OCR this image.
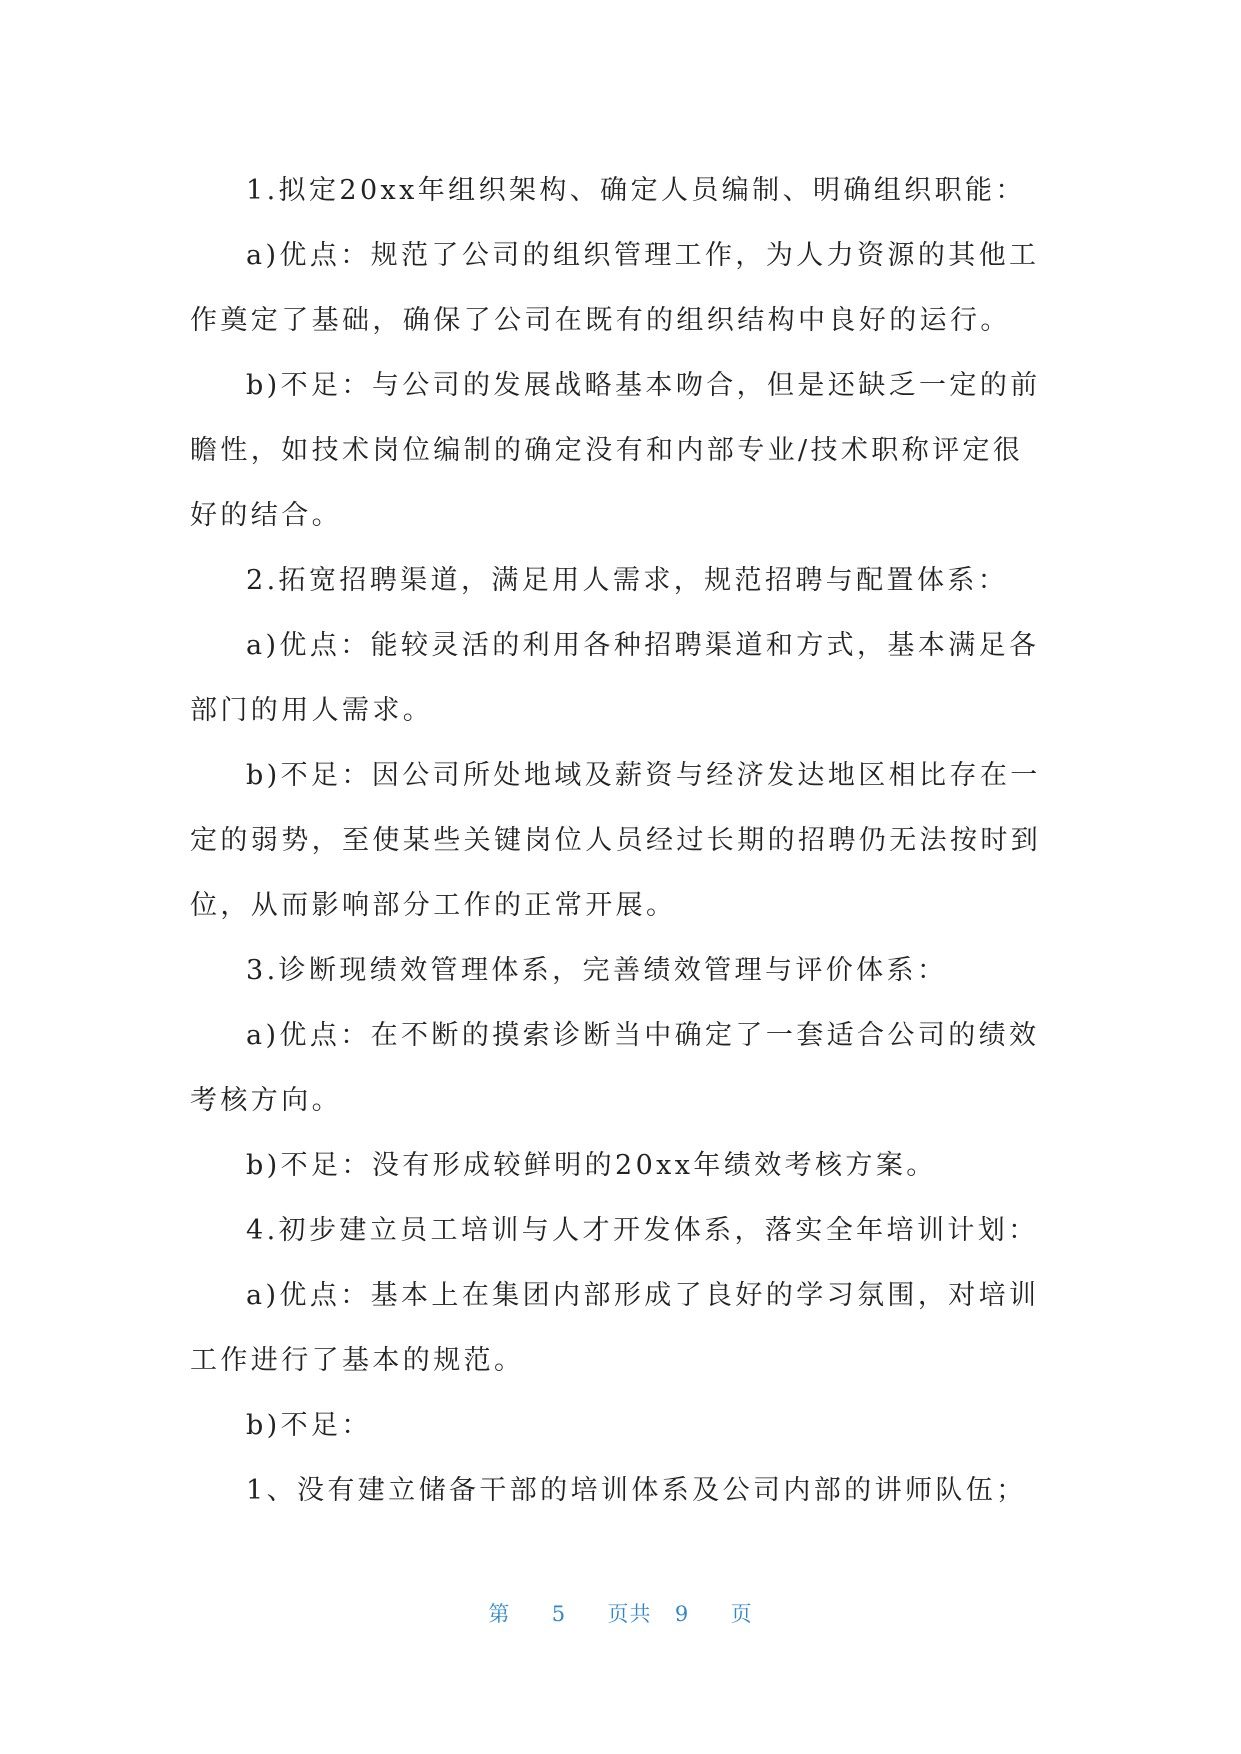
1.拟定20xx年组织架构、确定人员编制、明确组织职能：

a)优点：规范了公司的组织管理工作，为人力资源的其他工作奠定了基础，确保了公司在既有的组织结构中良好的运行。

b)不足：与公司的发展战略基本吻合，但是还缺乏一定的前瞻性，如技术岗位编制的确定没有和内部专业/技术职称评定很好的结合。

2.拓宽招聘渠道，满足用人需求，规范招聘与配置体系：

a)优点：能较灵活的利用各种招聘渠道和方式，基本满足各部门的用人需求。

b)不足：因公司所处地域及薪资与经济发达地区相比存在一定的弱势，至使某些关键岗位人员经过长期的招聘仍无法按时到位，从而影响部分工作的正常开展。

3.诊断现绩效管理体系，完善绩效管理与评价体系：

a)优点：在不断的摸索诊断当中确定了一套适合公司的绩效考核方向。

b)不足：没有形成较鲜明的20xx年绩效考核方案。

4.初步建立员工培训与人才开发体系，落实全年培训计划：

a)优点：基本上在集团内部形成了良好的学习氛围，对培训工作进行了基本的规范。

b)不足：

1、没有建立储备干部的培训体系及公司内部的讲师队伍；

第 5 页共 9 页
